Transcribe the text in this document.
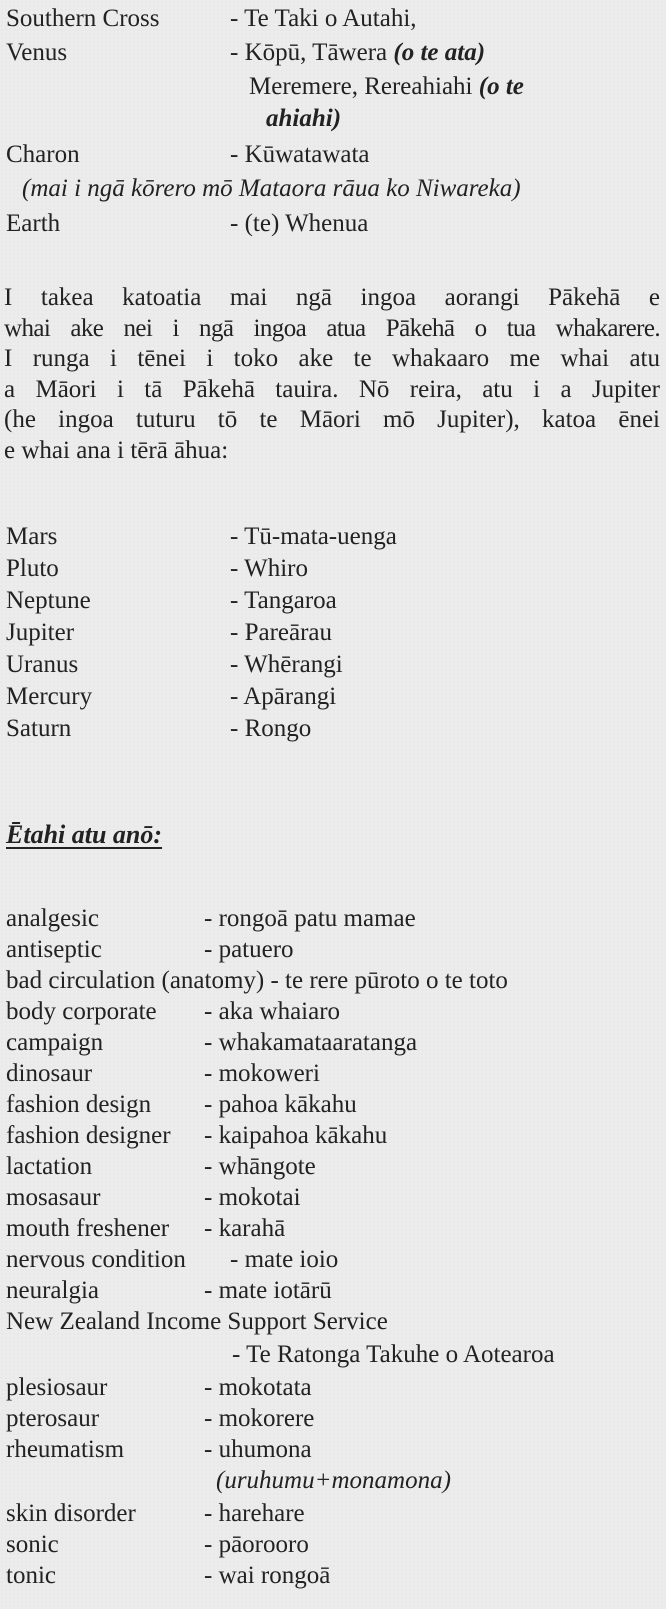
Southern Cross	- Te Taki o Autahi,
Venus	- Kōpū, Tāwera (o te ata)
Meremere, Rereahiahi (o te
ahiahi)
Charon	- Kūwatawata
(mai i ngā kōrero mō Mataora rāua ko Niwareka)
Earth	- (te) Whenua
I takea katoatia mai ngā ingoa aorangi Pākehā e
whai ake nei i ngā ingoa atua Pākehā o tua whakarere.
I runga i tēnei i toko ake te whakaaro me whai atu
a Māori i tā Pākehā tauira. Nō reira, atu i a Jupiter
(he ingoa tuturu tō te Māori mō Jupiter), katoa ēnei
e whai ana i tērā āhua:
Mars	- Tū-mata-uenga
Pluto	- Whiro
Neptune	- Tangaroa
Jupiter	- Pareārau
Uranus	- Whērangi
Mercury	- Apārangi
Saturn	- Rongo
Ētahi atu anō:
analgesic	- rongoā patu mamae
antiseptic	- patuero
bad circulation (anatomy) - te rere pūroto o te toto
body corporate - aka whaiaro
campaign	- whakamataaratanga
dinosaur	- mokoweri
fashion design - pahoa kākahu
fashion designer - kaipahoa kākahu
lactation	- whāngote
mosasaur	- mokotai
mouth freshener - karahā
nervous condition - mate ioio
neuralgia	- mate iotārū
New Zealand Income Support Service
- Te Ratonga Takuhe o Aotearoa
plesiosaur	- mokotata
pterosaur	- mokorere
rheumatism	- uhumona
(uruhumu+monamona)
skin disorder	- harehare
sonic	- pāorooro
tonic	- wai rongoā
